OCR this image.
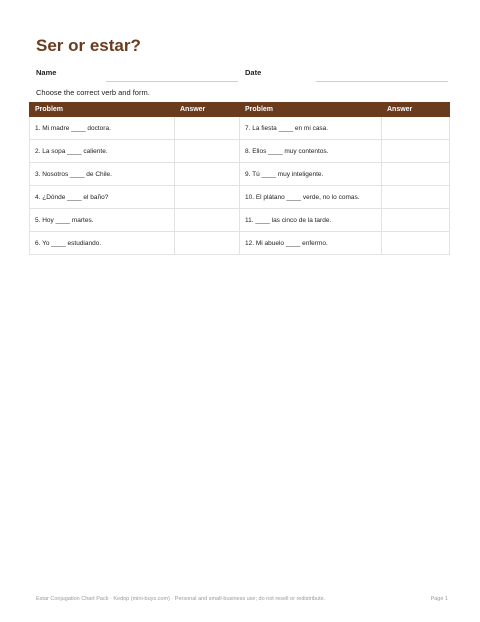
Ser or estar?
Name	Date
Choose the correct verb and form.
Problem	Answer	Problem	Answer
1. Mi madre ____ doctora.		7. La fiesta ____ en mi casa.	
2. La sopa ____ caliente.		8. Ellos ____ muy contentos.	
3. Nosotros ____ de Chile.		9. Tú ____ muy inteligente.	
4. ¿Dónde ____ el baño?		10. El plátano ____ verde, no lo comas.	
5. Hoy ____ martes.		11. ____ las cinco de la tarde.	
6. Yo ____ estudiando.		12. Mi abuelo ____ enfermo.	
Estar Conjugation Chart Pack · Kedop (mini-buys.com) · Personal and small-business use; do not resell or redistribute.	Page 1
